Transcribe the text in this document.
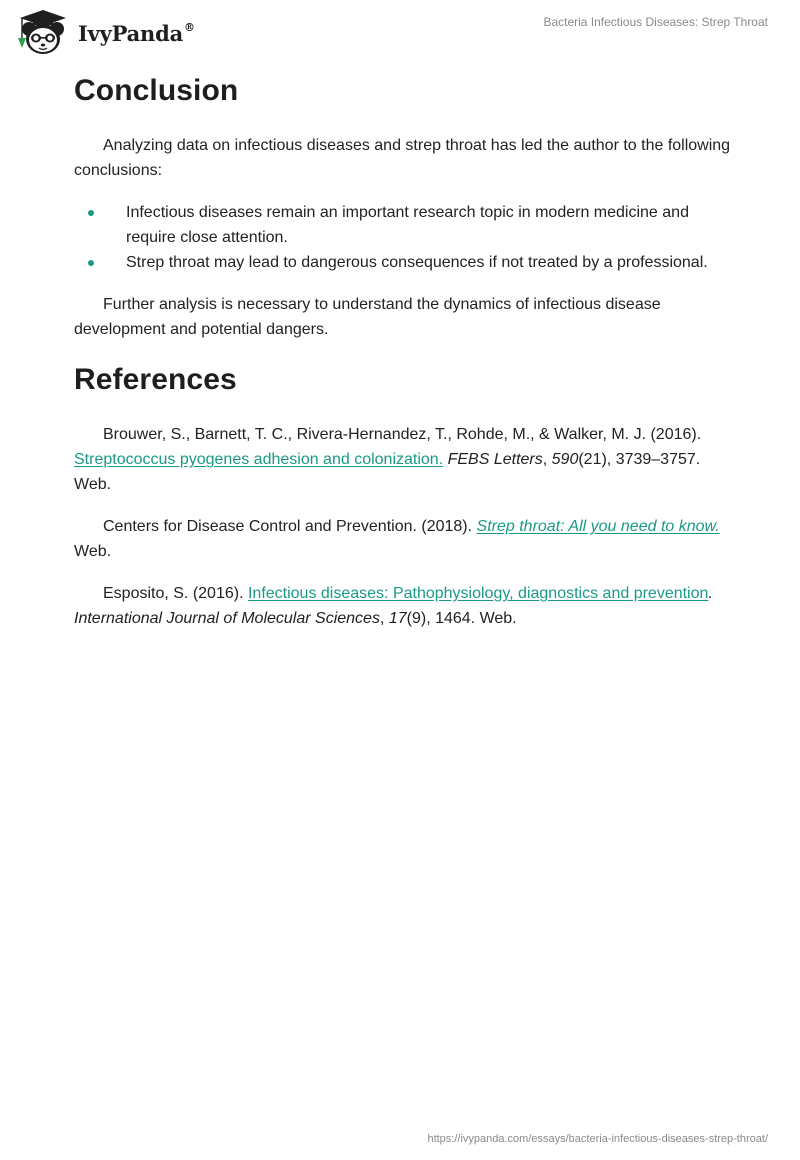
IvyPanda®	Bacteria Infectious Diseases: Strep Throat
Conclusion

Analyzing data on infectious diseases and strep throat has led the author to the following conclusions:

Infectious diseases remain an important research topic in modern medicine and require close attention.
Strep throat may lead to dangerous consequences if not treated by a professional.

Further analysis is necessary to understand the dynamics of infectious disease development and potential dangers.

References

Brouwer, S., Barnett, T. C., Rivera-Hernandez, T., Rohde, M., & Walker, M. J. (2016). Streptococcus pyogenes adhesion and colonization. FEBS Letters, 590(21), 3739–3757. Web.

Centers for Disease Control and Prevention. (2018). Strep throat: All you need to know. Web.

Esposito, S. (2016). Infectious diseases: Pathophysiology, diagnostics and prevention. International Journal of Molecular Sciences, 17(9), 1464. Web.

https://ivypanda.com/essays/bacteria-infectious-diseases-strep-throat/
